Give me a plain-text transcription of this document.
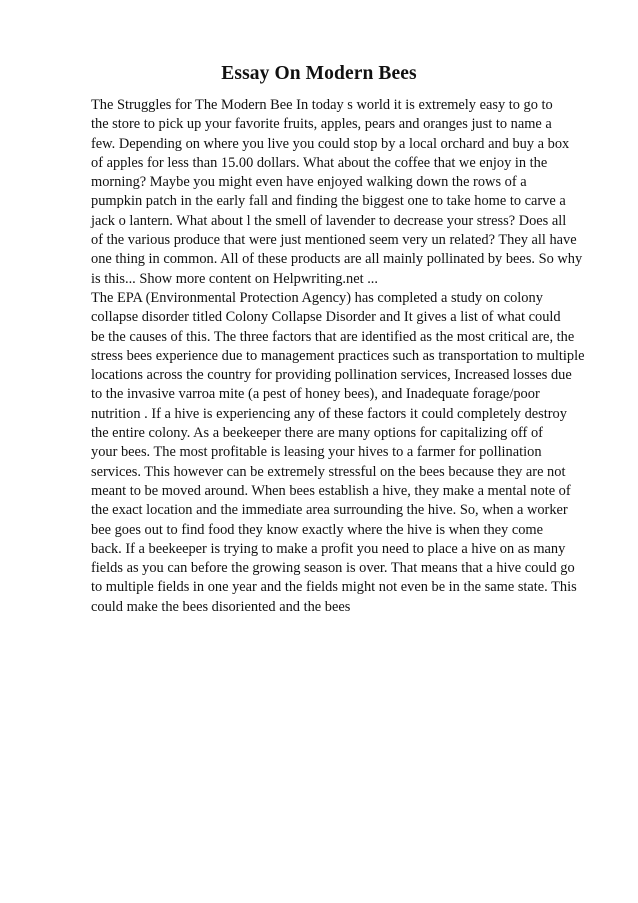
Essay On Modern Bees
The Struggles for The Modern Bee In today s world it is extremely easy to go to
the store to pick up your favorite fruits, apples, pears and oranges just to name a
few. Depending on where you live you could stop by a local orchard and buy a box
of apples for less than 15.00 dollars. What about the coffee that we enjoy in the
morning? Maybe you might even have enjoyed walking down the rows of a
pumpkin patch in the early fall and finding the biggest one to take home to carve a
jack o lantern. What about l the smell of lavender to decrease your stress? Does all
of the various produce that were just mentioned seem very un related? They all have
one thing in common. All of these products are all mainly pollinated by bees. So why
is this... Show more content on Helpwriting.net ...
The EPA (Environmental Protection Agency) has completed a study on colony
collapse disorder titled Colony Collapse Disorder and It gives a list of what could
be the causes of this. The three factors that are identified as the most critical are, the
stress bees experience due to management practices such as transportation to multiple
locations across the country for providing pollination services, Increased losses due
to the invasive varroa mite (a pest of honey bees), and Inadequate forage/poor
nutrition . If a hive is experiencing any of these factors it could completely destroy
the entire colony. As a beekeeper there are many options for capitalizing off of
your bees. The most profitable is leasing your hives to a farmer for pollination
services. This however can be extremely stressful on the bees because they are not
meant to be moved around. When bees establish a hive, they make a mental note of
the exact location and the immediate area surrounding the hive. So, when a worker
bee goes out to find food they know exactly where the hive is when they come
back. If a beekeeper is trying to make a profit you need to place a hive on as many
fields as you can before the growing season is over. That means that a hive could go
to multiple fields in one year and the fields might not even be in the same state. This
could make the bees disoriented and the bees
